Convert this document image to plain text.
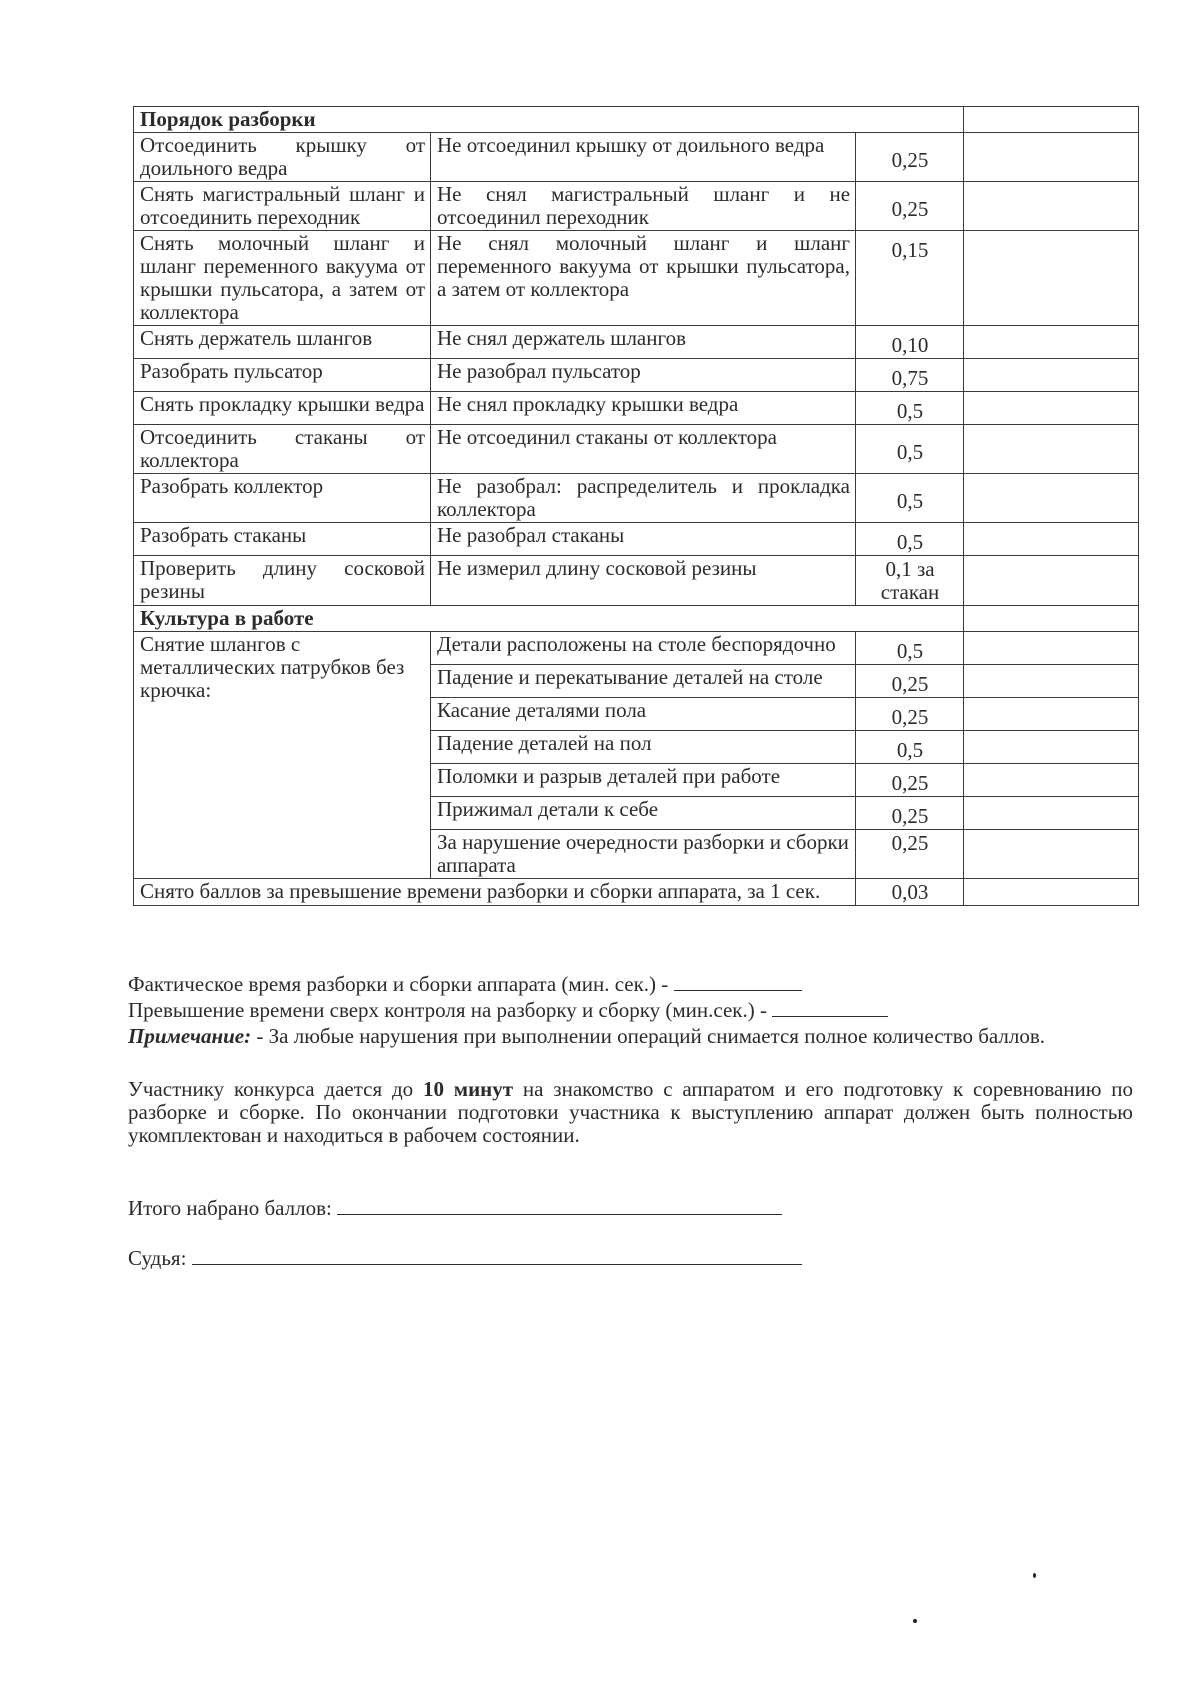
Порядок разборки			
Отсоединить крышку от доильного ведра	Не отсоединил крышку от доильного ведра	0,25	
Снять магистральный шланг и отсоединить переходник	Не снял магистральный шланг и не отсоединил переходник	0,25	
Снять молочный шланг и шланг переменного вакуума от крышки пульсатора, а затем от коллектора	Не снял молочный шланг и шланг переменного вакуума от крышки пульсатора, а затем от коллектора	0,15	
Снять держатель шлангов	Не снял держатель шлангов	0,10	
Разобрать пульсатор	Не разобрал пульсатор	0,75	
Снять прокладку крышки ведра	Не снял прокладку крышки ведра	0,5	
Отсоединить стаканы от коллектора	Не отсоединил стаканы от коллектора	0,5	
Разобрать коллектор	Не разобрал: распределитель и прокладка коллектора	0,5	
Разобрать стаканы	Не разобрал стаканы	0,5	
Проверить длину сосковой резины	Не измерил длину сосковой резины	0,1 за стакан	
Культура в работе			
Снятие шлангов с металлических патрубков без крючка:	Детали расположены на столе беспорядочно	0,5	
	Падение и перекатывание деталей на столе	0,25	
	Касание деталями пола	0,25	
	Падение деталей на пол	0,5	
	Поломки и разрыв деталей при работе	0,25	
	Прижимал детали к себе	0,25	
	За нарушение очередности разборки и сборки аппарата	0,25	
Снято баллов за превышение времени разборки и сборки аппарата, за 1 сек.		0,03	
Фактическое время разборки и сборки аппарата (мин. сек.) -
Превышение времени сверх контроля на разборку и сборку (мин.сек.) -
Примечание: - За любые нарушения при выполнении операций снимается полное количество баллов.
Участнику конкурса дается до 10 минут на знакомство с аппаратом и его подготовку к соревнованию по разборке и сборке. По окончании подготовки участника к выступлению аппарат должен быть полностью укомплектован и находиться в рабочем состоянии.
Итого набрано баллов:
Судья:
